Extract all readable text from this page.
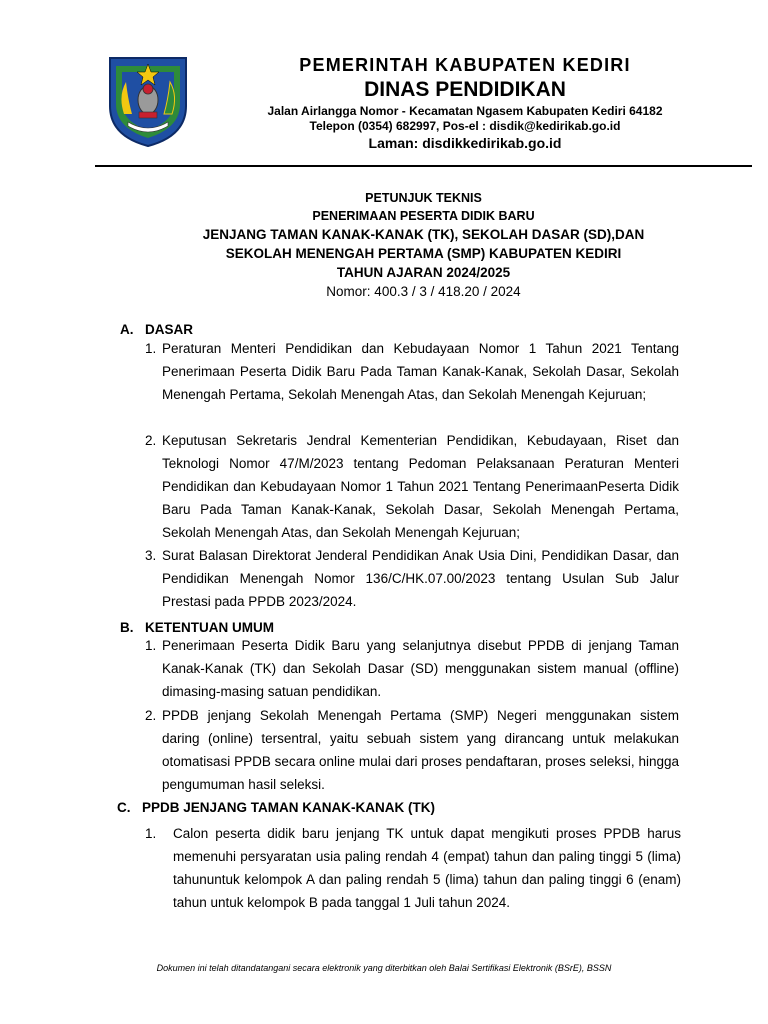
PEMERINTAH KABUPATEN KEDIRI
DINAS PENDIDIKAN
Jalan Airlangga Nomor - Kecamatan Ngasem Kabupaten Kediri 64182
Telepon (0354) 682997, Pos-el : disdik@kedirikab.go.id
Laman: disdikkedirikab.go.id
PETUNJUK TEKNIS
PENERIMAAN PESERTA DIDIK BARU
JENJANG TAMAN KANAK-KANAK (TK), SEKOLAH DASAR (SD),DAN
SEKOLAH MENENGAH PERTAMA (SMP) KABUPATEN KEDIRI
TAHUN AJARAN 2024/2025
Nomor: 400.3 / 3 / 418.20 / 2024
A. DASAR
1. Peraturan Menteri Pendidikan dan Kebudayaan Nomor 1 Tahun 2021 Tentang Penerimaan Peserta Didik Baru Pada Taman Kanak-Kanak, Sekolah Dasar, Sekolah Menengah Pertama, Sekolah Menengah Atas, dan Sekolah Menengah Kejuruan;
2. Keputusan Sekretaris Jendral Kementerian Pendidikan, Kebudayaan, Riset dan Teknologi Nomor 47/M/2023 tentang Pedoman Pelaksanaan Peraturan Menteri Pendidikan dan Kebudayaan Nomor 1 Tahun 2021 Tentang PenerimaanPeserta Didik Baru Pada Taman Kanak-Kanak, Sekolah Dasar, Sekolah Menengah Pertama, Sekolah Menengah Atas, dan Sekolah Menengah Kejuruan;
3. Surat Balasan Direktorat Jenderal Pendidikan Anak Usia Dini, Pendidikan Dasar, dan Pendidikan Menengah Nomor 136/C/HK.07.00/2023 tentang Usulan Sub Jalur Prestasi pada PPDB 2023/2024.
B. KETENTUAN UMUM
1. Penerimaan Peserta Didik Baru yang selanjutnya disebut PPDB di jenjang Taman Kanak-Kanak (TK) dan Sekolah Dasar (SD) menggunakan sistem manual (offline) dimasing-masing satuan pendidikan.
2. PPDB jenjang Sekolah Menengah Pertama (SMP) Negeri menggunakan sistem daring (online) tersentral, yaitu sebuah sistem yang dirancang untuk melakukan otomatisasi PPDB secara online mulai dari proses pendaftaran, proses seleksi, hingga pengumuman hasil seleksi.
C. PPDB JENJANG TAMAN KANAK-KANAK (TK)
1. Calon peserta didik baru jenjang TK untuk dapat mengikuti proses PPDB harus memenuhi persyaratan usia paling rendah 4 (empat) tahun dan paling tinggi 5 (lima) tahununtuk kelompok A dan paling rendah 5 (lima) tahun dan paling tinggi 6 (enam) tahun untuk kelompok B pada tanggal 1 Juli tahun 2024.
Dokumen ini telah ditandatangani secara elektronik yang diterbitkan oleh Balai Sertifikasi Elektronik (BSrE), BSSN
